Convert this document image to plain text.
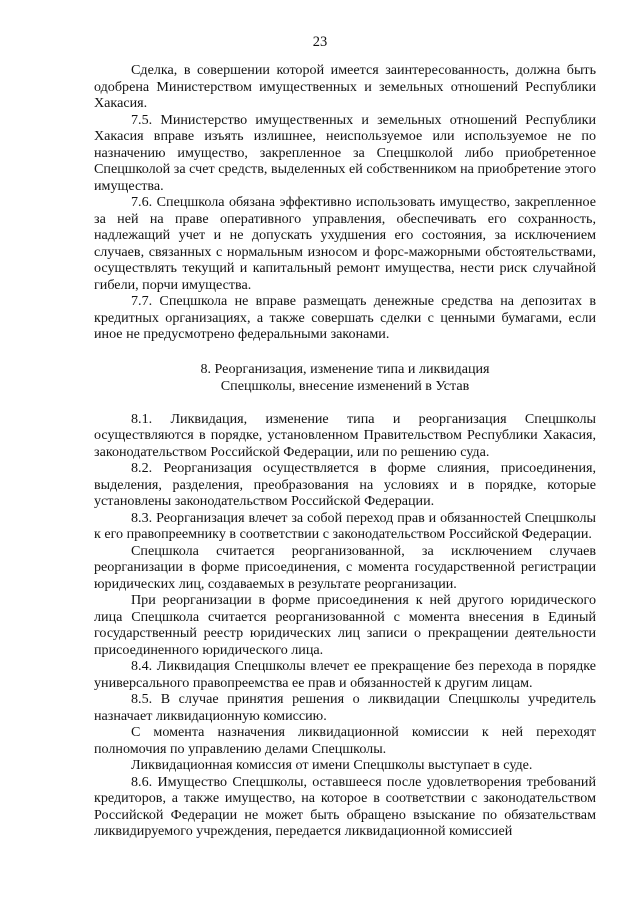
23

Сделка, в совершении которой имеется заинтересованность, должна быть одобрена Министерством имущественных и земельных отношений Республики Хакасия.

7.5. Министерство имущественных и земельных отношений Республики Хакасия вправе изъять излишнее, неиспользуемое или используемое не по назначению имущество, закрепленное за Спецшколой либо приобретенное Спецшколой за счет средств, выделенных ей собственником на приобретение этого имущества.

7.6. Спецшкола обязана эффективно использовать имущество, закрепленное за ней на праве оперативного управления, обеспечивать его сохранность, надлежащий учет и не допускать ухудшения его состояния, за исключением случаев, связанных с нормальным износом и форс-мажорными обстоятельствами, осуществлять текущий и капитальный ремонт имущества, нести риск случайной гибели, порчи имущества.

7.7. Спецшкола не вправе размещать денежные средства на депозитах в кредитных организациях, а также совершать сделки с ценными бумагами, если иное не предусмотрено федеральными законами.

8. Реорганизация, изменение типа и ликвидация
Спецшколы, внесение изменений в Устав

8.1. Ликвидация, изменение типа и реорганизация Спецшколы осуществляются в порядке, установленном Правительством Республики Хакасия, законодательством Российской Федерации, или по решению суда.

8.2. Реорганизация осуществляется в форме слияния, присоединения, выделения, разделения, преобразования на условиях и в порядке, которые установлены законодательством Российской Федерации.

8.3. Реорганизация влечет за собой переход прав и обязанностей Спецшколы к его правопреемнику в соответствии с законодательством Российской Федерации.

Спецшкола считается реорганизованной, за исключением случаев реорганизации в форме присоединения, с момента государственной регистрации юридических лиц, создаваемых в результате реорганизации.

При реорганизации в форме присоединения к ней другого юридического лица Спецшкола считается реорганизованной с момента внесения в Единый государственный реестр юридических лиц записи о прекращении деятельности присоединенного юридического лица.

8.4. Ликвидация Спецшколы влечет ее прекращение без перехода в порядке универсального правопреемства ее прав и обязанностей к другим лицам.

8.5. В случае принятия решения о ликвидации Спецшколы учредитель назначает ликвидационную комиссию.

С момента назначения ликвидационной комиссии к ней переходят полномочия по управлению делами Спецшколы.

Ликвидационная комиссия от имени Спецшколы выступает в суде.

8.6. Имущество Спецшколы, оставшееся после удовлетворения требований кредиторов, а также имущество, на которое в соответствии с законодательством Российской Федерации не может быть обращено взыскание по обязательствам ликвидируемого учреждения, передается ликвидационной комиссией
